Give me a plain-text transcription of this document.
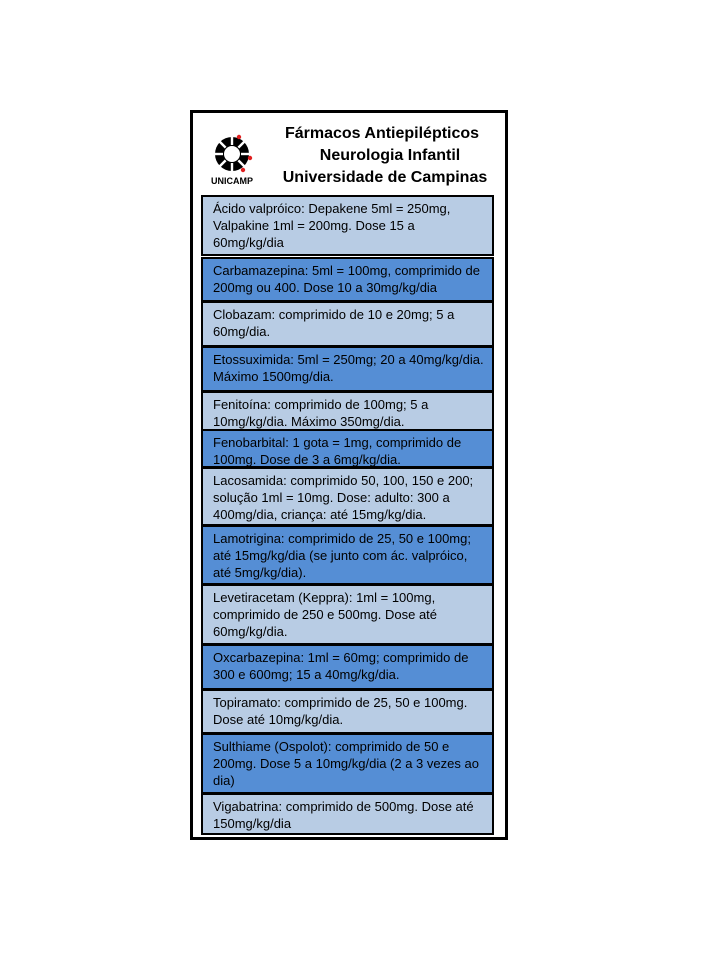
UNICAMP
Fármacos Antiepilépticos
Neurologia Infantil
Universidade de Campinas
Ácido valpróico: Depakene 5ml = 250mg, Valpakine 1ml = 200mg. Dose 15 a 60mg/kg/dia
Carbamazepina: 5ml = 100mg, comprimido de 200mg ou 400. Dose 10 a 30mg/kg/dia
Clobazam: comprimido de 10 e 20mg; 5 a 60mg/dia.
Etossuximida: 5ml = 250mg; 20 a 40mg/kg/dia. Máximo 1500mg/dia.
Fenitoína: comprimido de 100mg; 5 a 10mg/kg/dia. Máximo 350mg/dia.
Fenobarbital: 1 gota = 1mg, comprimido de 100mg. Dose de 3 a 6mg/kg/dia.
Lacosamida: comprimido 50, 100, 150 e 200; solução 1ml = 10mg. Dose: adulto: 300 a 400mg/dia, criança: até 15mg/kg/dia.
Lamotrigina: comprimido de 25, 50 e 100mg; até 15mg/kg/dia (se junto com ác. valpróico, até 5mg/kg/dia).
Levetiracetam (Keppra): 1ml = 100mg, comprimido de 250 e 500mg. Dose até 60mg/kg/dia.
Oxcarbazepina: 1ml = 60mg; comprimido de 300 e 600mg; 15 a 40mg/kg/dia.
Topiramato: comprimido de 25, 50 e 100mg. Dose até 10mg/kg/dia.
Sulthiame (Ospolot): comprimido de 50 e 200mg. Dose 5 a 10mg/kg/dia (2 a 3 vezes ao dia)
Vigabatrina: comprimido de 500mg. Dose até 150mg/kg/dia
